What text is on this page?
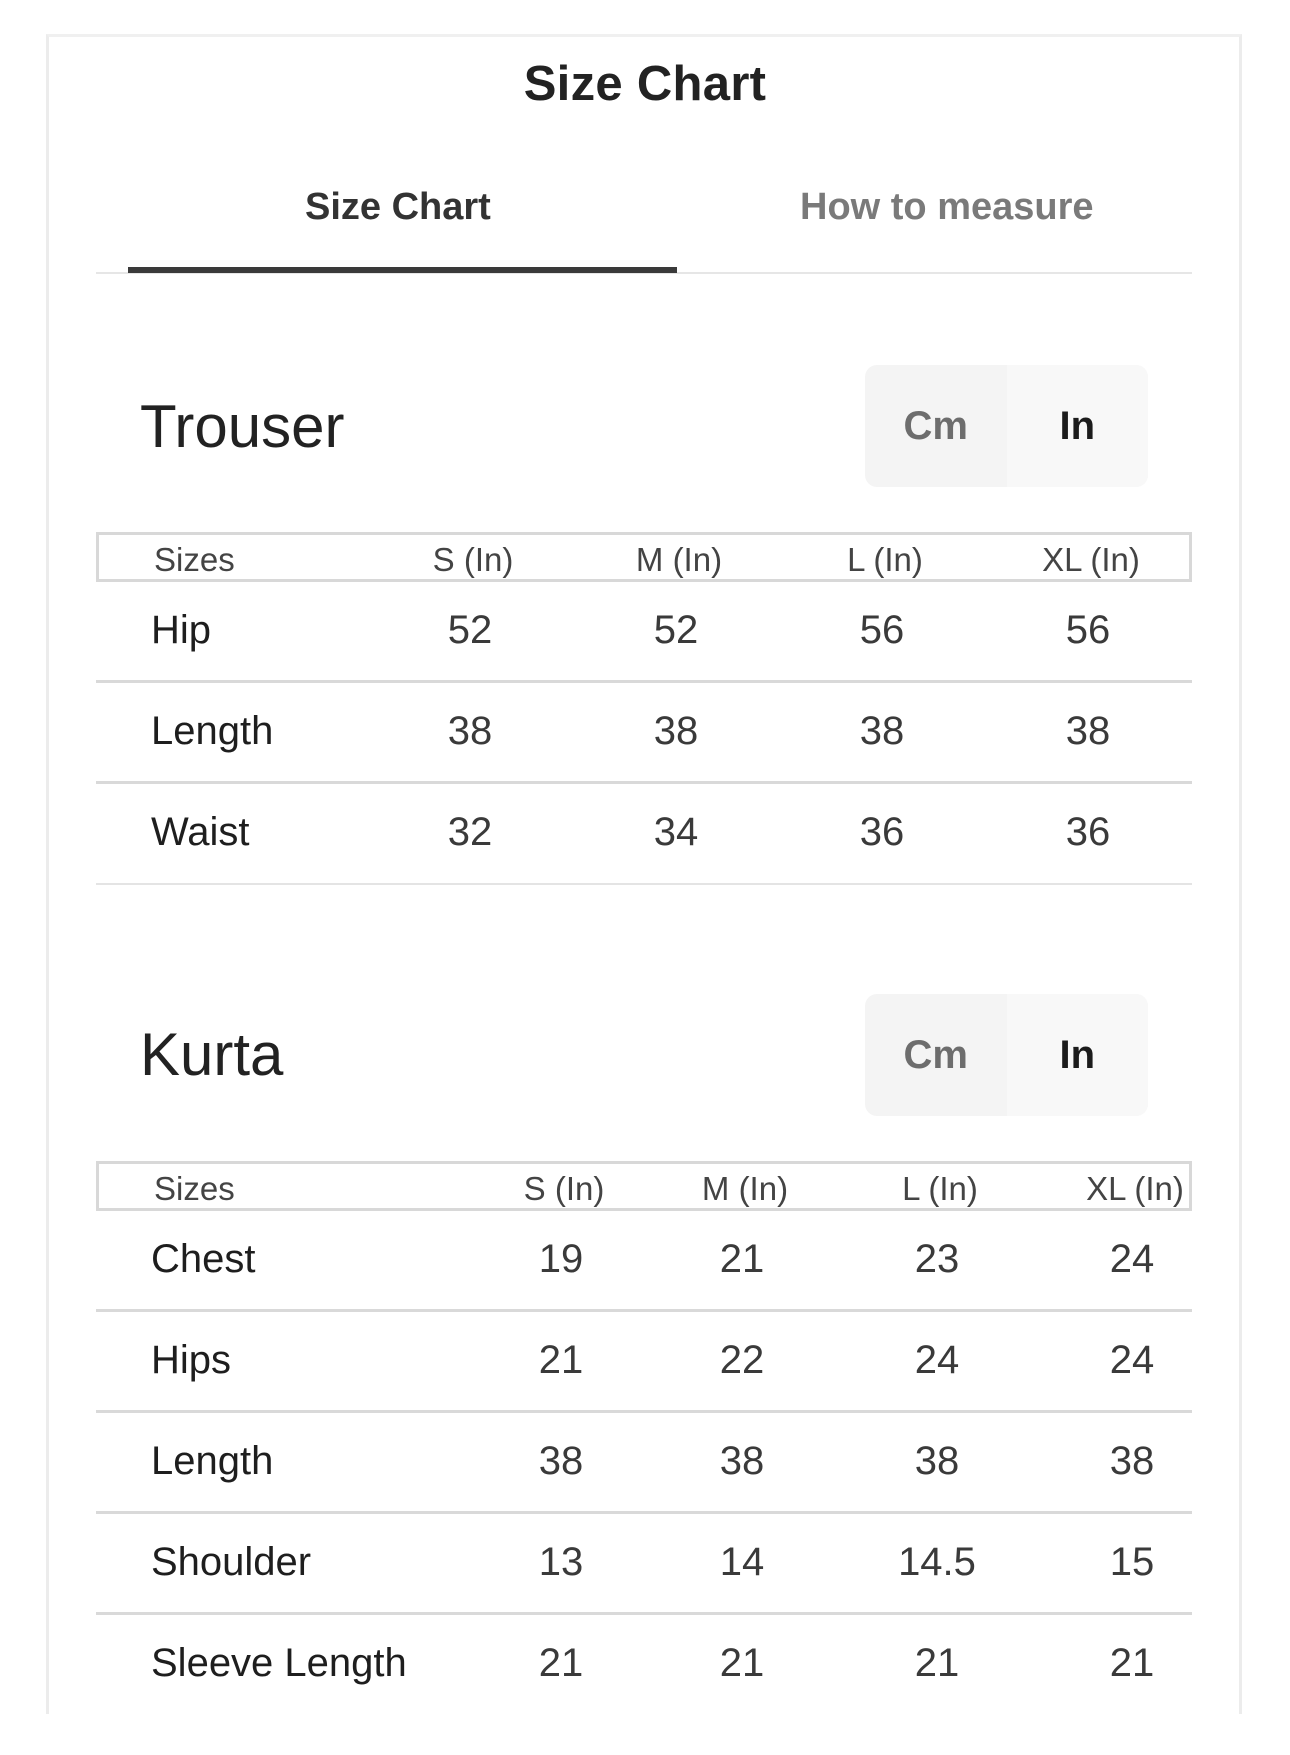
Size Chart
Size Chart	How to measure
Trouser	Cm	In
Sizes	S (In)	M (In)	L (In)	XL (In)
Hip	52	52	56	56
Length	38	38	38	38
Waist	32	34	36	36
Kurta	Cm	In
Sizes	S (In)	M (In)	L (In)	XL (In)
Chest	19	21	23	24
Hips	21	22	24	24
Length	38	38	38	38
Shoulder	13	14	14.5	15
Sleeve Length	21	21	21	21
